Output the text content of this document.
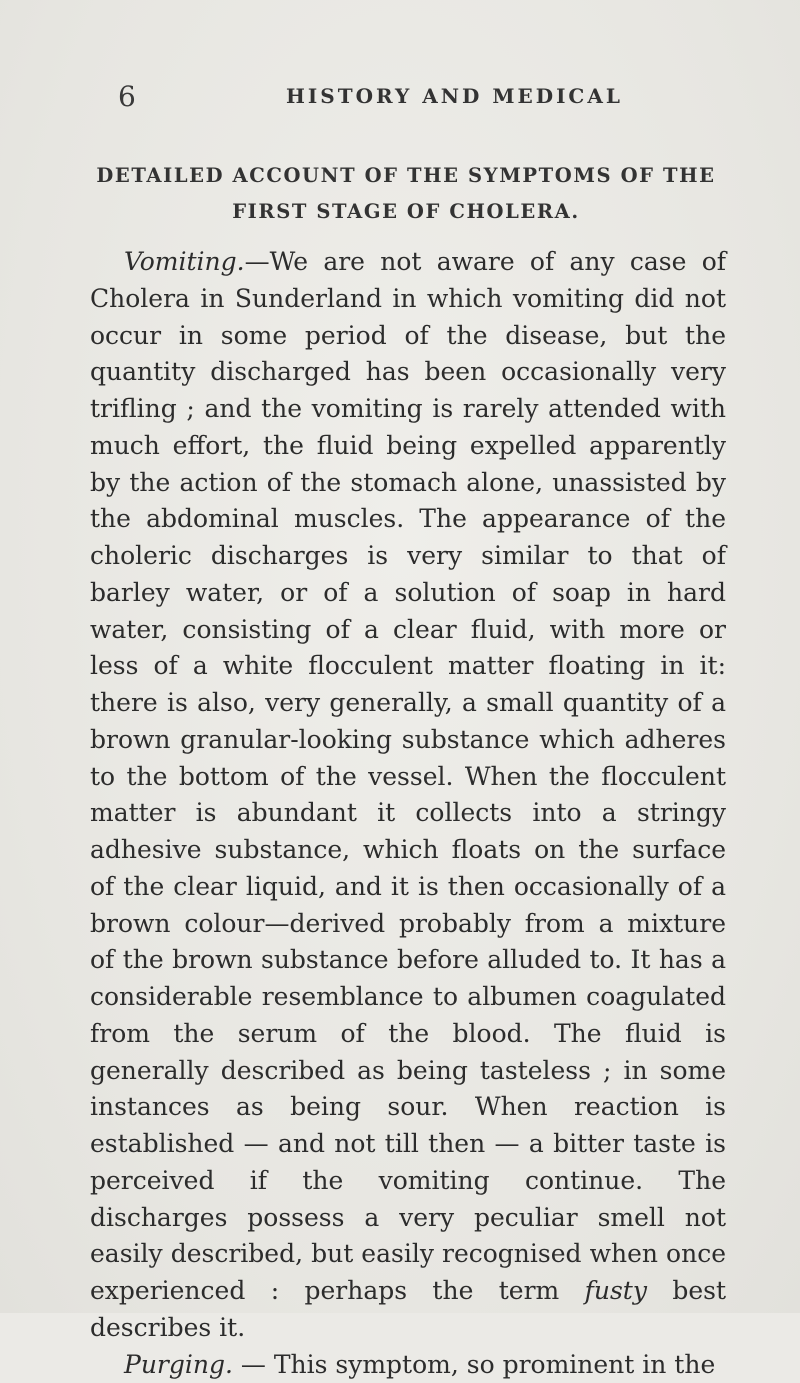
6	HISTORY AND MEDICAL
DETAILED ACCOUNT OF THE SYMPTOMS OF THE
FIRST STAGE OF CHOLERA.

Vomiting.—We are not aware of any case of Cholera in Sunderland in which vomiting did not occur in some period of the disease, but the quantity discharged has been occasionally very trifling ; and the vomiting is rarely attended with much effort, the fluid being expelled apparently by the action of the stomach alone, unassisted by the abdominal muscles. The appearance of the choleric discharges is very similar to that of barley water, or of a solution of soap in hard water, consisting of a clear fluid, with more or less of a white flocculent matter floating in it: there is also, very generally, a small quantity of a brown granular-looking substance which adheres to the bottom of the vessel. When the flocculent matter is abundant it collects into a stringy adhesive substance, which floats on the surface of the clear liquid, and it is then occasionally of a brown colour—derived probably from a mixture of the brown substance before alluded to. It has a considerable resemblance to albumen coagulated from the serum of the blood. The fluid is generally described as being tasteless ; in some instances as being sour. When reaction is established — and not till then — a bitter taste is perceived if the vomiting continue. The discharges possess a very peculiar smell not easily described, but easily recognised when once experienced : perhaps the term fusty best describes it.

Purging. — This symptom, so prominent in the
